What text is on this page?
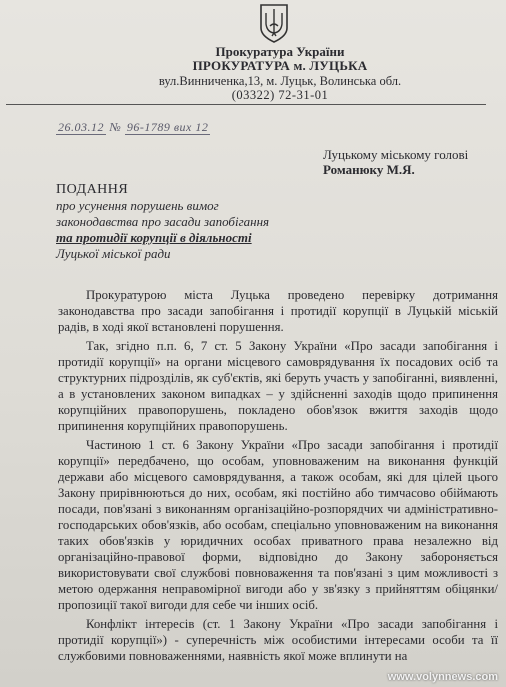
Прокуратура України
ПРОКУРАТУРА м. ЛУЦЬКА
вул.Винниченка,13, м. Луцьк, Волинська обл.
(03322) 72-31-01
26.03.12 № 96-1789 вих 12
Луцькому міському голові
Романюку М.Я.
ПОДАННЯ
про усунення порушень вимог
законодавства про засади запобігання
та протидії корупції в діяльності
Луцької міської ради

Прокуратурою міста Луцька проведено перевірку дотримання законодавства про засади запобігання і протидії корупції в Луцькій міській радів, в ході якої встановлені порушення.

Так, згідно п.п. 6, 7 ст. 5 Закону України «Про засади запобігання і протидії корупції» на органи місцевого самоврядування їх посадових осіб та структурних підрозділів, як суб'єктів, які беруть участь у запобіганні, виявленні, а в установлених законом випадках – у здійсненні заходів щодо припинення корупційних правопорушень, покладено обов'язок вжиття заходів щодо припинення корупційних правопорушень.

Частиною 1 ст. 6 Закону України «Про засади запобігання і протидії корупції» передбачено, що особам, уповноваженим на виконання функцій держави або місцевого самоврядування, а також особам, які для цілей цього Закону прирівнюються до них, особам, які постійно або тимчасово обіймають посади, пов'язані з виконанням організаційно-розпорядчих чи адміністративно-господарських обов'язків, або особам, спеціально уповноваженим на виконання таких обов'язків у юридичних особах приватного права незалежно від організаційно-правової форми, відповідно до Закону забороняється використовувати свої службові повноваження та пов'язані з цим можливості з метою одержання неправомірної вигоди або у зв'язку з прийняттям обіцянки/ пропозиції такої вигоди для себе чи інших осіб.

Конфлікт інтересів (ст. 1 Закону України «Про засади запобігання і протидії корупції») - суперечність між особистими інтересами особи та її службовими повноваженнями, наявність якої може вплинути на

www.volynnews.com
